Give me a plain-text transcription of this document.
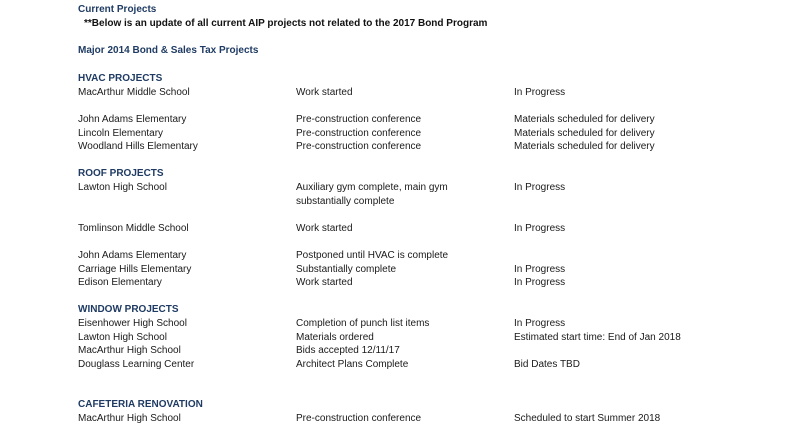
Current Projects
**Below is an update of all current AIP projects not related to the 2017 Bond Program
Major 2014 Bond & Sales Tax Projects
HVAC PROJECTS
MacArthur Middle School	Work started	In Progress
John Adams Elementary	Pre-construction conference	Materials scheduled for delivery
Lincoln Elementary	Pre-construction conference	Materials scheduled for delivery
Woodland Hills Elementary	Pre-construction conference	Materials scheduled for delivery
ROOF PROJECTS
Lawton High School	Auxiliary gym complete, main gym	In Progress
substantially complete
Tomlinson Middle School	Work started	In Progress
John Adams Elementary	Postponed until HVAC is complete
Carriage Hills Elementary	Substantially complete	In Progress
Edison Elementary	Work started	In Progress
WINDOW PROJECTS
Eisenhower High School	Completion of punch list items	In Progress
Lawton High School	Materials ordered	Estimated start time: End of Jan 2018
MacArthur High School	Bids accepted 12/11/17
Douglass Learning Center	Architect Plans Complete	Bid Dates TBD
CAFETERIA RENOVATION
MacArthur High School	Pre-construction conference	Scheduled to start Summer 2018
